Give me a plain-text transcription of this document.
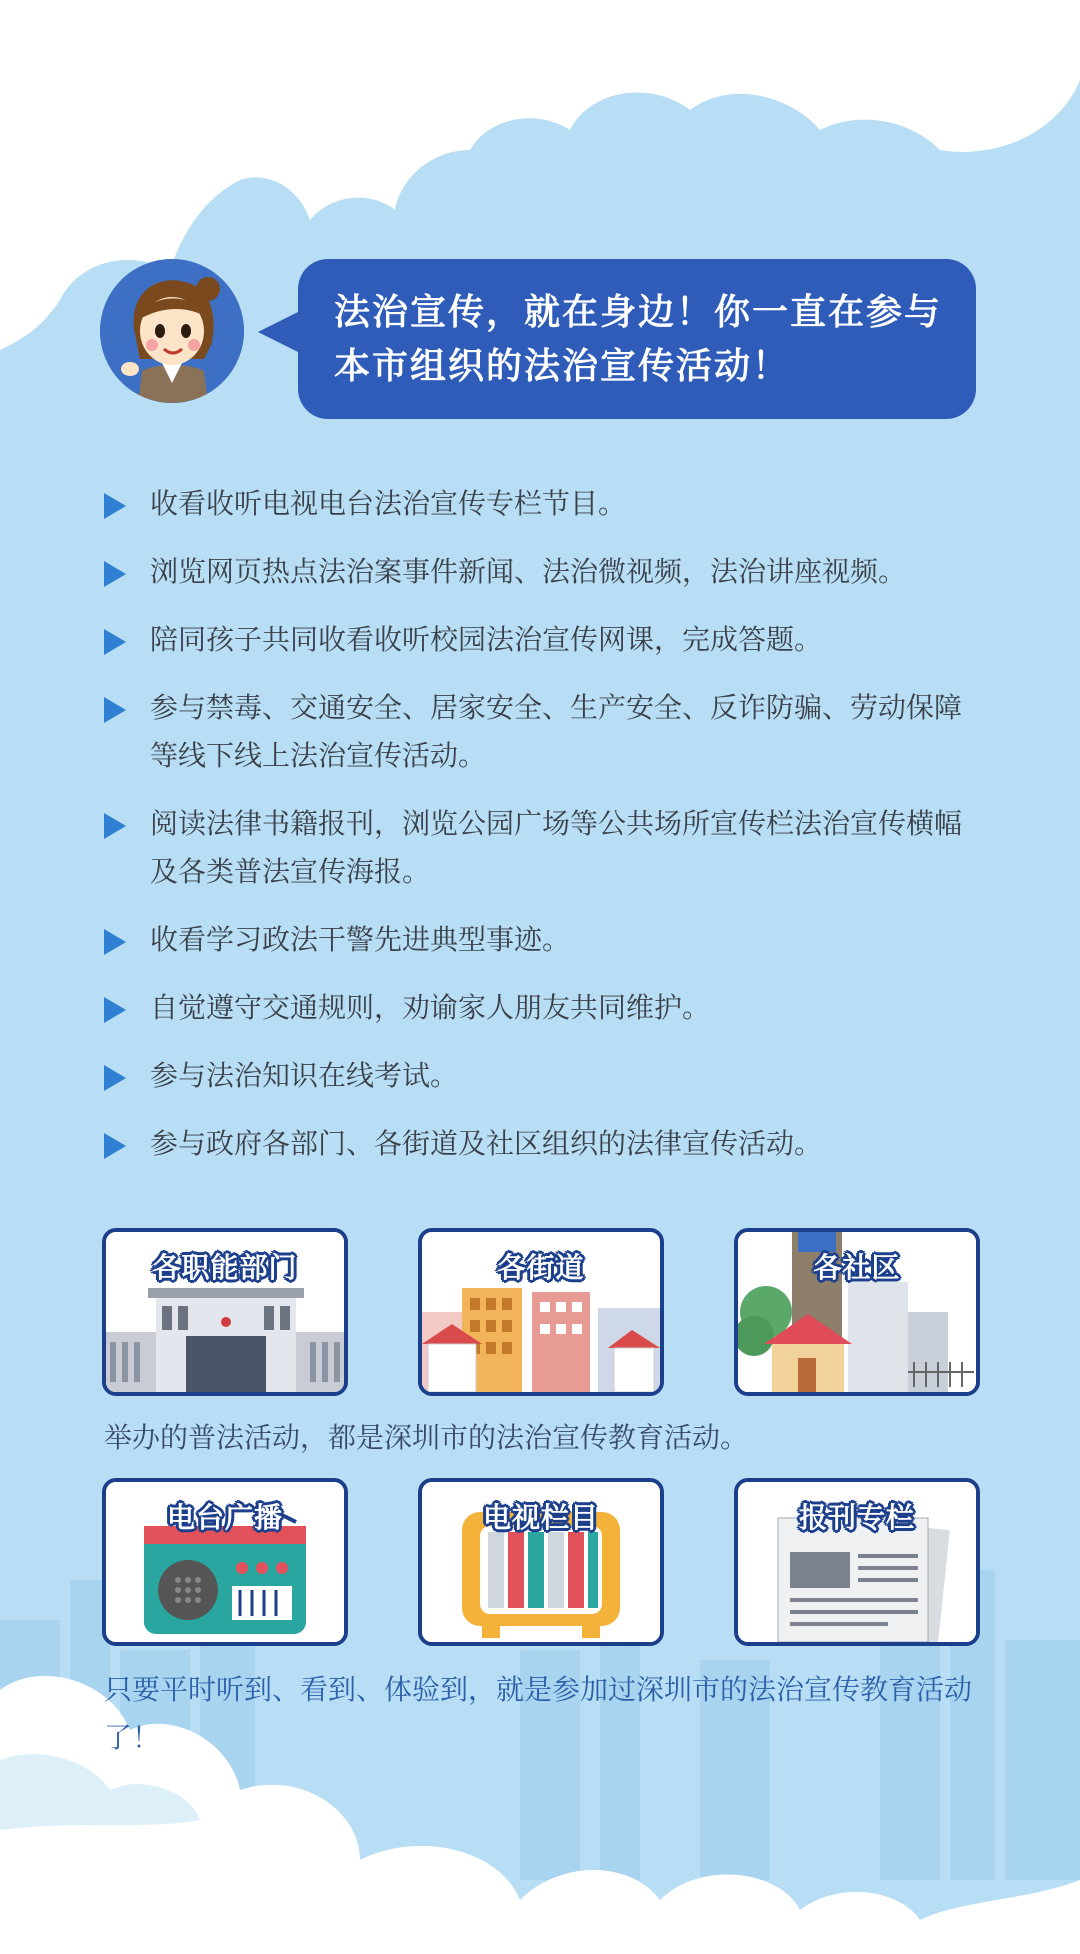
法治宣传，就在身边！你一直在参与本市组织的法治宣传活动！
收看收听电视电台法治宣传专栏节目。
浏览网页热点法治案事件新闻、法治微视频，法治讲座视频。
陪同孩子共同收看收听校园法治宣传网课，完成答题。
参与禁毒、交通安全、居家安全、生产安全、反诈防骗、劳动保障等线下线上法治宣传活动。
阅读法律书籍报刊，浏览公园广场等公共场所宣传栏法治宣传横幅及各类普法宣传海报。
收看学习政法干警先进典型事迹。
自觉遵守交通规则，劝谕家人朋友共同维护。
参与法治知识在线考试。
参与政府各部门、各街道及社区组织的法律宣传活动。
各职能部门	各街道	各社区
举办的普法活动，都是深圳市的法治宣传教育活动。
电台广播	电视栏目	报刊专栏
只要平时听到、看到、体验到，就是参加过深圳市的法治宣传教育活动了！
